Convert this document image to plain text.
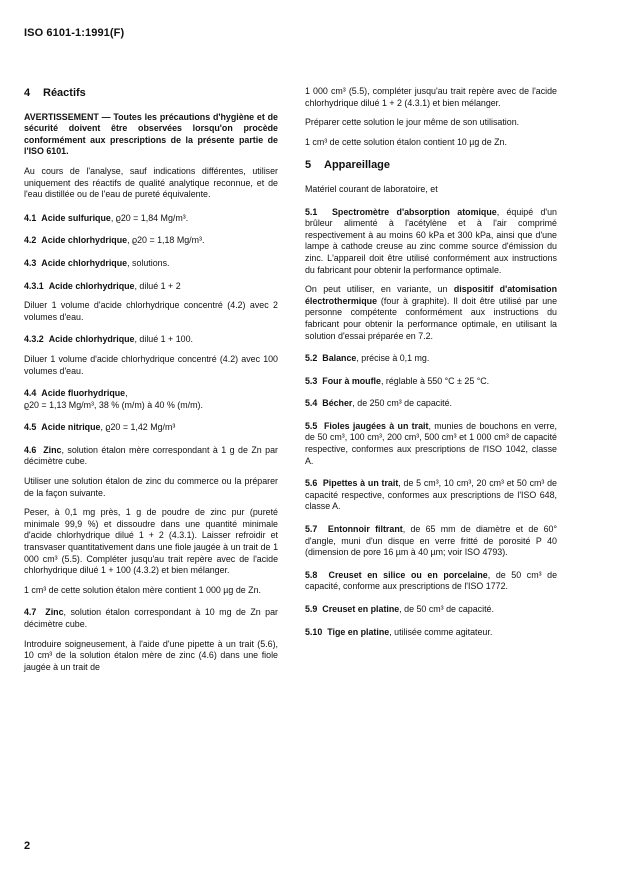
ISO 6101-1:1991(F)
4 Réactifs

AVERTISSEMENT — Toutes les précautions d'hygiène et de sécurité doivent être observées lorsqu'on procède conformément aux prescriptions de la présente partie de l'ISO 6101.

Au cours de l'analyse, sauf indications différentes, utiliser uniquement des réactifs de qualité analytique reconnue, et de l'eau distillée ou de l'eau de pureté équivalente.

4.1 Acide sulfurique, ϱ20 = 1,84 Mg/m³.

4.2 Acide chlorhydrique, ϱ20 = 1,18 Mg/m³.

4.3 Acide chlorhydrique, solutions.

4.3.1 Acide chlorhydrique, dilué 1 + 2

Diluer 1 volume d'acide chlorhydrique concentré (4.2) avec 2 volumes d'eau.

4.3.2 Acide chlorhydrique, dilué 1 + 100.

Diluer 1 volume d'acide chlorhydrique concentré (4.2) avec 100 volumes d'eau.

4.4 Acide fluorhydrique,
ϱ20 = 1,13 Mg/m³, 38 % (m/m) à 40 % (m/m).

4.5 Acide nitrique, ϱ20 = 1,42 Mg/m³

4.6 Zinc, solution étalon mère correspondant à 1 g de Zn par décimètre cube.

Utiliser une solution étalon de zinc du commerce ou la préparer de la façon suivante.

Peser, à 0,1 mg près, 1 g de poudre de zinc pur (pureté minimale 99,9 %) et dissoudre dans une quantité minimale d'acide chlorhydrique dilué 1 + 2 (4.3.1). Laisser refroidir et transvaser quantitativement dans une fiole jaugée à un trait de 1 000 cm³ (5.5). Compléter jusqu'au trait repère avec de l'acide chlorhydrique dilué 1 + 100 (4.3.2) et bien mélanger.

1 cm³ de cette solution étalon mère contient 1 000 µg de Zn.

4.7 Zinc, solution étalon correspondant à 10 mg de Zn par décimètre cube.

Introduire soigneusement, à l'aide d'une pipette à un trait (5.6), 10 cm³ de la solution étalon mère de zinc (4.6) dans une fiole jaugée à un trait de

1 000 cm³ (5.5), compléter jusqu'au trait repère avec de l'acide chlorhydrique dilué 1 + 2 (4.3.1) et bien mélanger.

Préparer cette solution le jour même de son utilisation.

1 cm³ de cette solution étalon contient 10 µg de Zn.

5 Appareillage

Matériel courant de laboratoire, et

5.1 Spectromètre d'absorption atomique, équipé d'un brûleur alimenté à l'acétylène et à l'air comprimé respectivement à au moins 60 kPa et 300 kPa, ainsi que d'une lampe à cathode creuse au zinc comme source d'émission du zinc. L'appareil doit être utilisé conformément aux instructions du fabricant pour obtenir la performance optimale.

On peut utiliser, en variante, un dispositif d'atomisation électrothermique (four à graphite). Il doit être utilisé par une personne compétente conformément aux instructions du fabricant pour obtenir la performance optimale, en utilisant la solution d'essai préparée en 7.2.

5.2 Balance, précise à 0,1 mg.

5.3 Four à moufle, réglable à 550 °C ± 25 °C.

5.4 Bécher, de 250 cm³ de capacité.

5.5 Fioles jaugées à un trait, munies de bouchons en verre, de 50 cm³, 100 cm³, 200 cm³, 500 cm³ et 1 000 cm³ de capacité respective, conformes aux prescriptions de l'ISO 1042, classe A.

5.6 Pipettes à un trait, de 5 cm³, 10 cm³, 20 cm³ et 50 cm³ de capacité respective, conformes aux prescriptions de l'ISO 648, classe A.

5.7 Entonnoir filtrant, de 65 mm de diamètre et de 60° d'angle, muni d'un disque en verre fritté de porosité P 40 (dimension de pore 16 µm à 40 µm; voir ISO 4793).

5.8 Creuset en silice ou en porcelaine, de 50 cm³ de capacité, conforme aux prescriptions de l'ISO 1772.

5.9 Creuset en platine, de 50 cm³ de capacité.

5.10 Tige en platine, utilisée comme agitateur.

2
